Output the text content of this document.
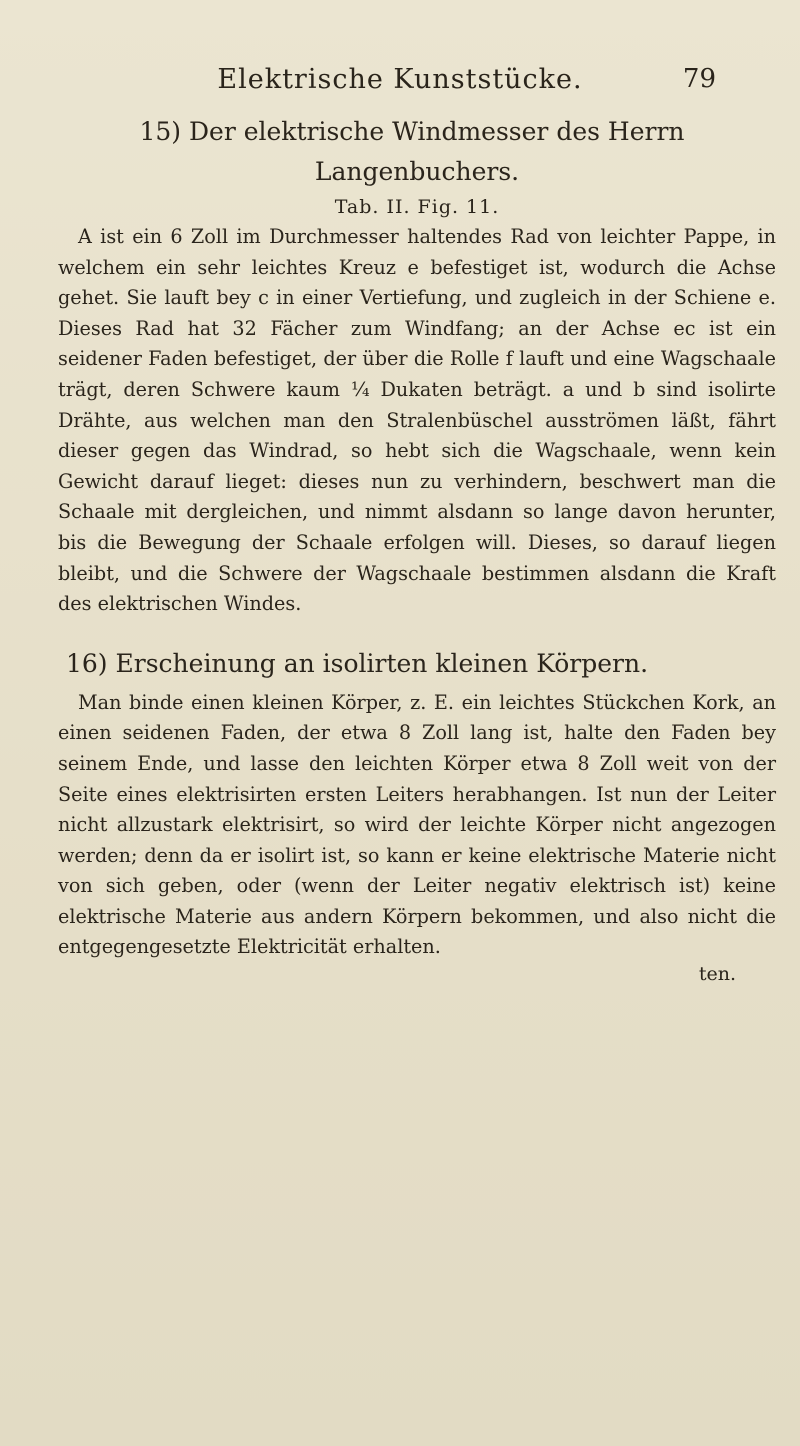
Elektrische Kunststücke.	79
15) Der elektrische Windmesser des Herrn Langenbuchers.
Tab. II. Fig. 11.

A ist ein 6 Zoll im Durchmesser haltendes Rad von leichter Pappe, in welchem ein sehr leichtes Kreuz e befestiget ist, wodurch die Achse gehet. Sie lauft bey c in einer Vertiefung, und zugleich in der Schiene e. Dieses Rad hat 32 Fächer zum Windfang; an der Achse ec ist ein seidener Faden befestiget, der über die Rolle f lauft und eine Wagschaale trägt, deren Schwere kaum ¼ Dukaten beträgt. a und b sind isolirte Drähte, aus welchen man den Stralenbüschel ausströmen läßt, fährt dieser gegen das Windrad, so hebt sich die Wagschaale, wenn kein Gewicht darauf lieget: dieses nun zu verhindern, beschwert man die Schaale mit dergleichen, und nimmt alsdann so lange davon herunter, bis die Bewegung der Schaale erfolgen will. Dieses, so darauf liegen bleibt, und die Schwere der Wagschaale bestimmen alsdann die Kraft des elektrischen Windes.

16) Erscheinung an isolirten kleinen Körpern.

Man binde einen kleinen Körper, z. E. ein leichtes Stückchen Kork, an einen seidenen Faden, der etwa 8 Zoll lang ist, halte den Faden bey seinem Ende, und lasse den leichten Körper etwa 8 Zoll weit von der Seite eines elektrisirten ersten Leiters herabhangen. Ist nun der Leiter nicht allzustark elektrisirt, so wird der leichte Körper nicht angezogen werden; denn da er isolirt ist, so kann er keine elektrische Materie nicht von sich geben, oder (wenn der Leiter negativ elektrisch ist) keine elektrische Materie aus andern Körpern bekommen, und also nicht die entgegengesetzte Elektricität erhalten.

ten.
